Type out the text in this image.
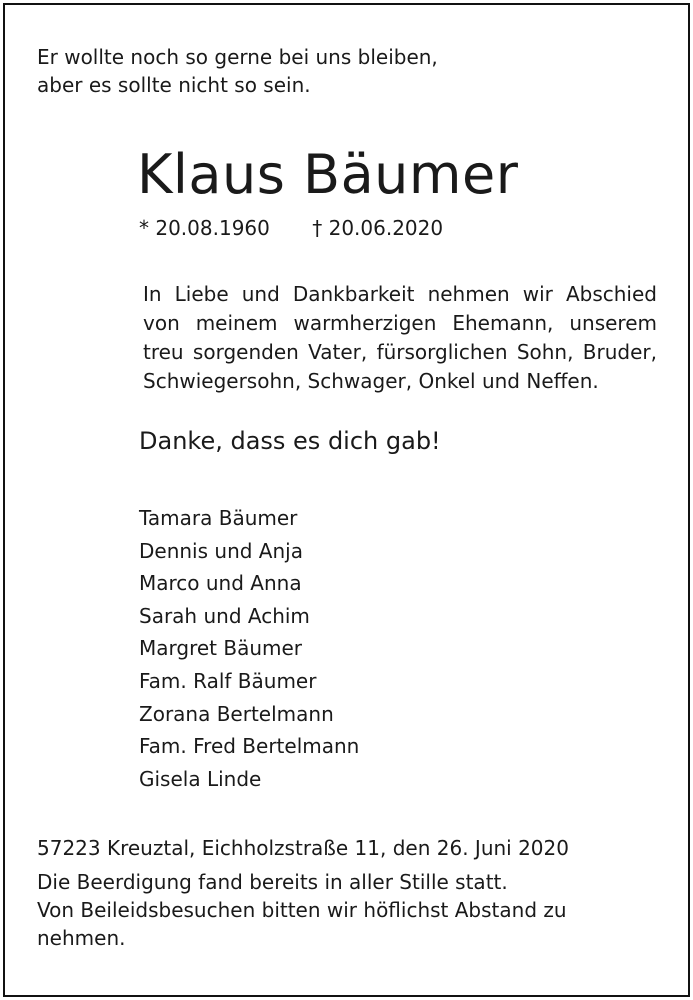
Er wollte noch so gerne bei uns bleiben,
aber es sollte nicht so sein.
Klaus Bäumer
* 20.08.1960 † 20.06.2020
In Liebe und Dankbarkeit nehmen wir Abschied
von meinem warmherzigen Ehemann, unserem
treu sorgenden Vater, fürsorglichen Sohn, Bruder,
Schwiegersohn, Schwager, Onkel und Neffen.
Danke, dass es dich gab!
Tamara Bäumer
Dennis und Anja
Marco und Anna
Sarah und Achim
Margret Bäumer
Fam. Ralf Bäumer
Zorana Bertelmann
Fam. Fred Bertelmann
Gisela Linde
57223 Kreuztal, Eichholzstraße 11, den 26. Juni 2020
Die Beerdigung fand bereits in aller Stille statt.
Von Beileidsbesuchen bitten wir höflichst Abstand zu
nehmen.
